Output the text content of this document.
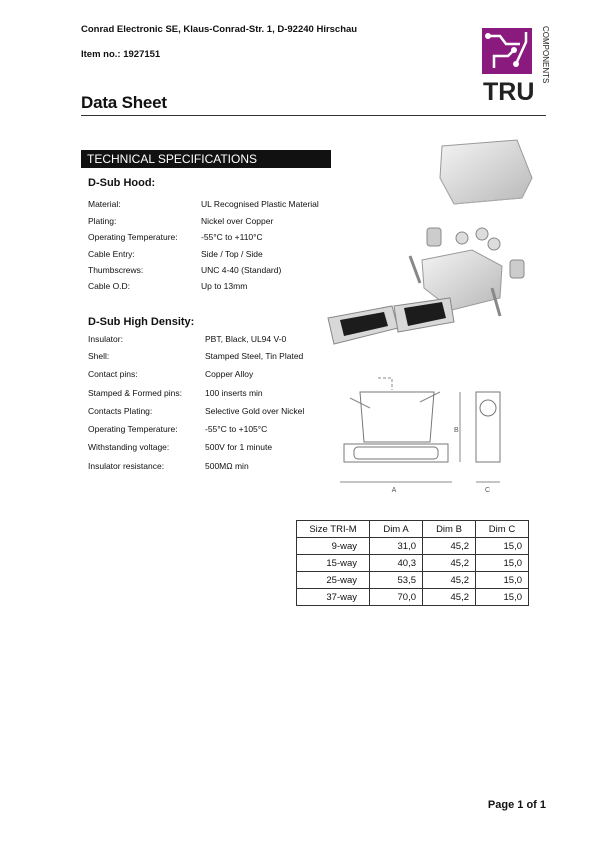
Conrad Electronic SE, Klaus-Conrad-Str. 1, D-92240 Hirschau
Item no.: 1927151
Data Sheet	TRU
COMPONENTS
TECHNICAL SPECIFICATIONS
D-Sub Hood:
Material:	UL Recognised Plastic Material
Plating:	Nickel over Copper
Operating Temperature:	-55°C to +110°C
Cable Entry:	Side / Top / Side
Thumbscrews:	UNC 4-40 (Standard)
Cable O.D:	Up to 13mm
D-Sub High Density:
Insulator:	PBT, Black, UL94 V-0
Shell:	Stamped Steel, Tin Plated
Contact pins:	Copper Alloy
Stamped & Formed pins:	100 inserts min
Contacts Plating:	Selective Gold over Nickel
Operating Temperature:	-55°C to +105°C
Withstanding voltage:	500V for 1 minute
Insulator resistance:	500MΩ min
A
B
C
Size TRI-M	Dim A	Dim B	Dim C
9-way	31,0	45,2	15,0
15-way	40,3	45,2	15,0
25-way	53,5	45,2	15,0
37-way	70,0	45,2	15,0
Page 1 of 1
